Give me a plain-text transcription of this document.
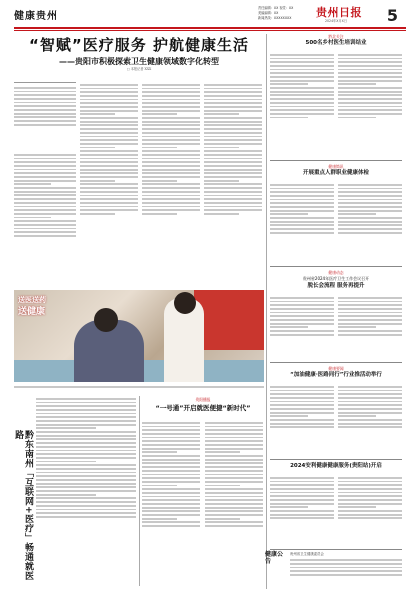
健康贵州
责任编辑：XX 视觉：XX
美编编辑：XX
新闻热线：XXXXXXXX	贵州日报
2024年X月X日 5
“智赋”医疗服务 护航健康生活
——贵阳市积极探索卫生健康领域数字化转型
□ 本报记者 XXX
送医送药
送健康
黔东南州「互联网+医疗」畅通就医路
贵阳播报
“一号通”开启就医便捷“新时代”
黔北关注
500名乡村医生培训结业
健康简讯
开展重点人群职业健康体检
健康动态
贵州省2024年医疗卫生工作会议召开
脱长会流程 服务再提升
健康要闻
“加油健康·医路同行”行业推活动举行
2024安利健康健康服务(贵阳站)开启
健康公告
贵州省卫生健康委员会
